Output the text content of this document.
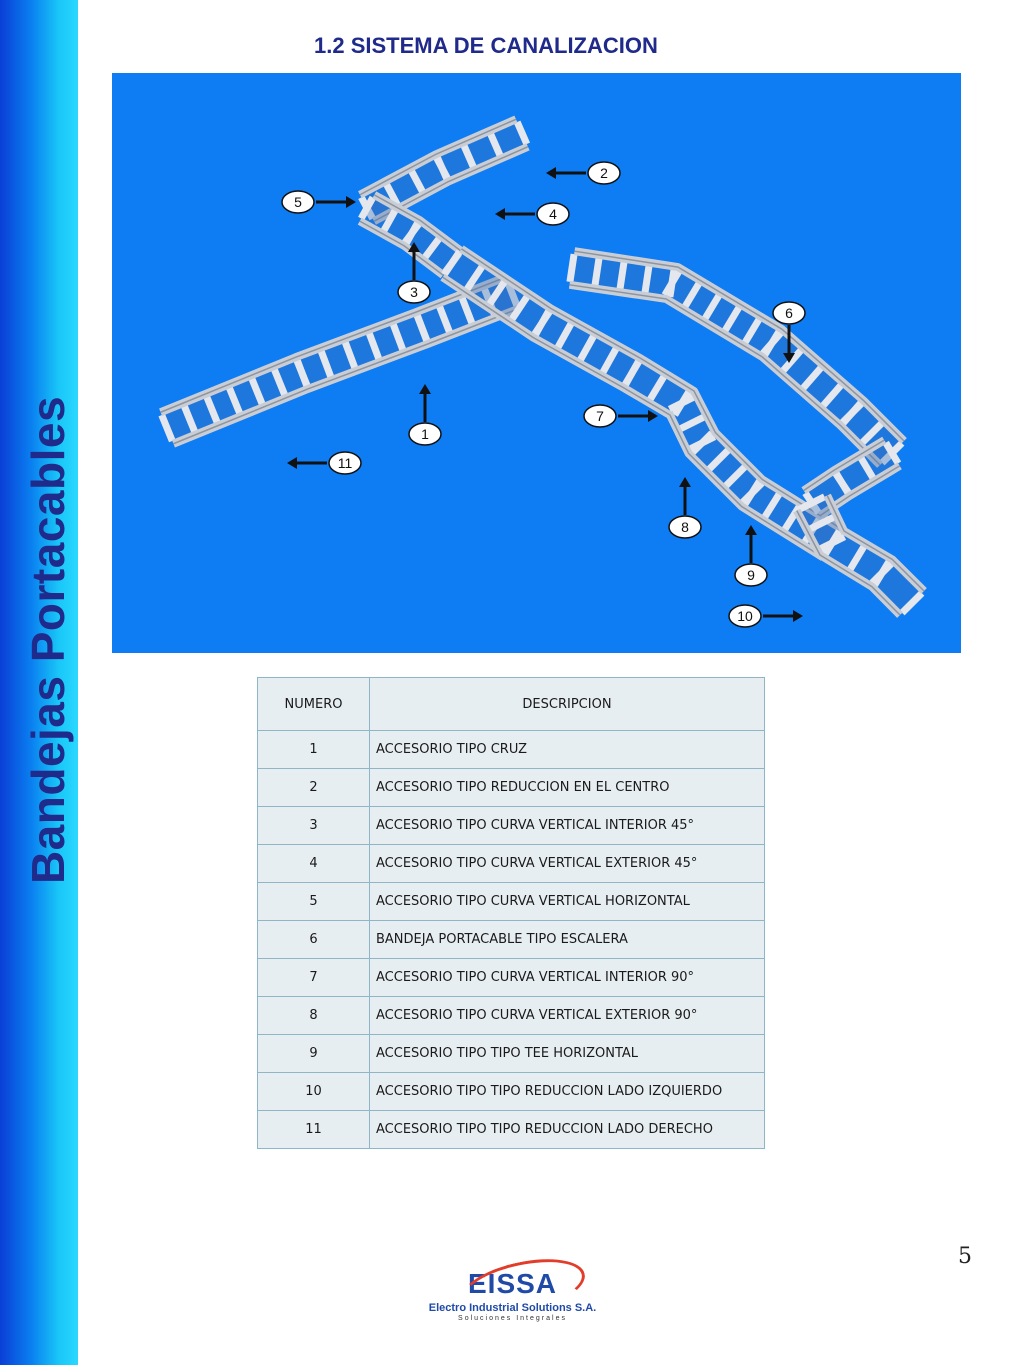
Bandejas Portacables
1.2 SISTEMA DE CANALIZACION
1
2
3
4
5
6
7
8
9
10
11
NUMERO	DESCRIPCION
1	ACCESORIO TIPO CRUZ
2	ACCESORIO TIPO REDUCCION EN EL CENTRO
3	ACCESORIO TIPO CURVA VERTICAL INTERIOR 45°
4	ACCESORIO TIPO CURVA VERTICAL EXTERIOR 45°
5	ACCESORIO TIPO CURVA VERTICAL HORIZONTAL
6	BANDEJA PORTACABLE TIPO ESCALERA
7	ACCESORIO TIPO CURVA VERTICAL INTERIOR 90°
8	ACCESORIO TIPO CURVA VERTICAL EXTERIOR 90°
9	ACCESORIO TIPO TIPO TEE HORIZONTAL
10	ACCESORIO TIPO TIPO REDUCCION LADO IZQUIERDO
11	ACCESORIO TIPO TIPO REDUCCION LADO DERECHO
5
EISSA
Electro Industrial Solutions S.A.
Soluciones Integrales
